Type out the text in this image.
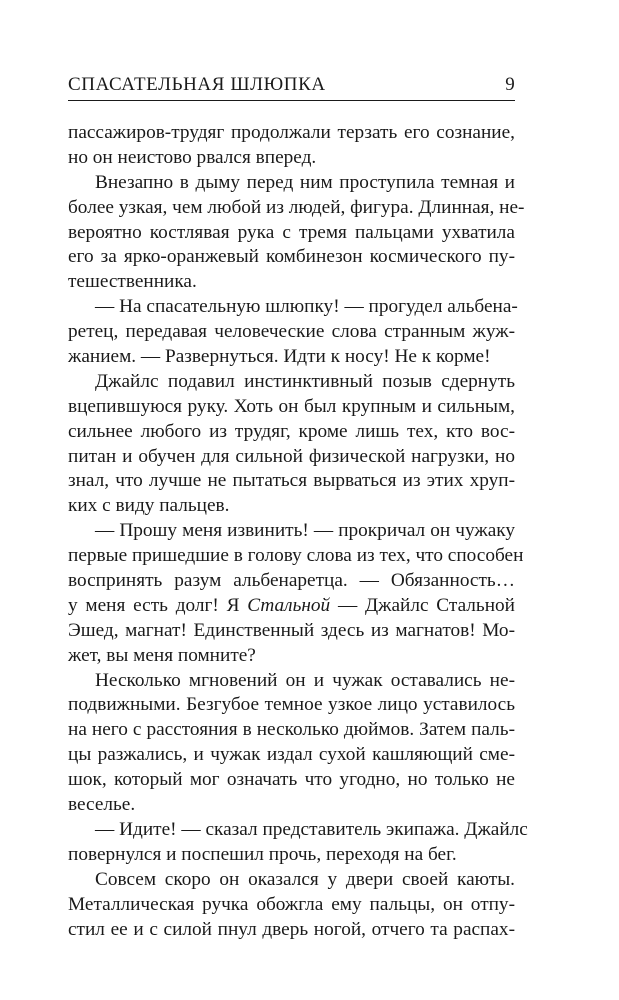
СПАСАТЕЛЬНАЯ ШЛЮПКА	9
пассажиров-трудяг продолжали терзать его сознание,
но он неистово рвался вперед.
Внезапно в дыму перед ним проступила темная и
более узкая, чем любой из людей, фигура. Длинная, не-
вероятно костлявая рука с тремя пальцами ухватила
его за ярко-оранжевый комбинезон космического пу-
тешественника.
— На спасательную шлюпку! — прогудел альбена-
ретец, передавая человеческие слова странным жуж-
жанием. — Развернуться. Идти к носу! Не к корме!
Джайлс подавил инстинктивный позыв сдернуть
вцепившуюся руку. Хоть он был крупным и сильным,
сильнее любого из трудяг, кроме лишь тех, кто вос-
питан и обучен для сильной физической нагрузки, но
знал, что лучше не пытаться вырваться из этих хруп-
ких с виду пальцев.
— Прошу меня извинить! — прокричал он чужаку
первые пришедшие в голову слова из тех, что способен
воспринять разум альбенаретца. — Обязанность…
у меня есть долг! Я Стальной — Джайлс Стальной
Эшед, магнат! Единственный здесь из магнатов! Мо-
жет, вы меня помните?
Несколько мгновений он и чужак оставались не-
подвижными. Безгубое темное узкое лицо уставилось
на него с расстояния в несколько дюймов. Затем паль-
цы разжались, и чужак издал сухой кашляющий сме-
шок, который мог означать что угодно, но только не
веселье.
— Идите! — сказал представитель экипажа. Джайлс
повернулся и поспешил прочь, переходя на бег.
Совсем скоро он оказался у двери своей каюты.
Металлическая ручка обожгла ему пальцы, он отпу-
стил ее и с силой пнул дверь ногой, отчего та распах-
